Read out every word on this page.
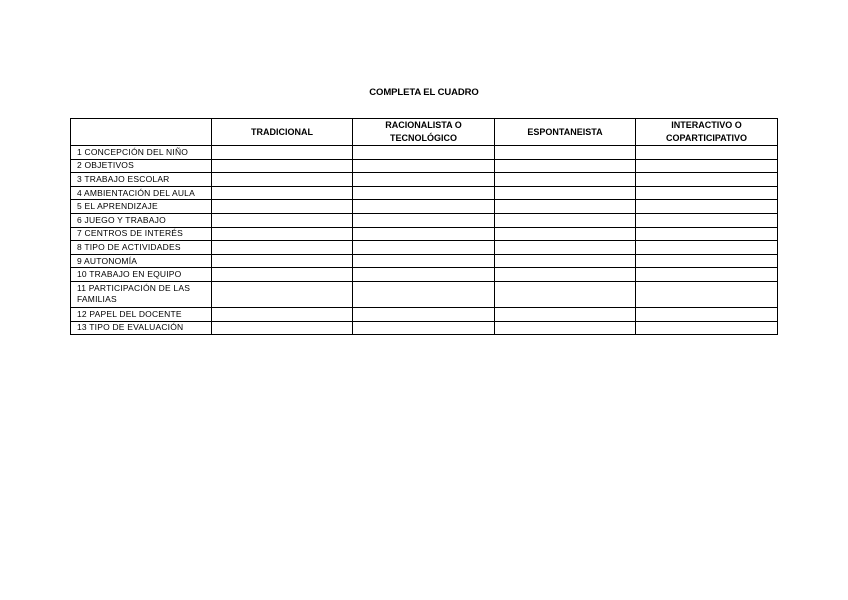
COMPLETA EL CUADRO
	TRADICIONAL	RACIONALISTA O TECNOLÓGICO	ESPONTANEISTA	INTERACTIVO O COPARTICIPATIVO
1 CONCEPCIÓN DEL NIÑO				
2 OBJETIVOS				
3 TRABAJO ESCOLAR				
4 AMBIENTACIÓN DEL AULA				
5 EL APRENDIZAJE				
6 JUEGO Y TRABAJO				
7 CENTROS DE INTERÉS				
8 TIPO DE ACTIVIDADES				
9 AUTONOMÍA				
10 TRABAJO EN EQUIPO				
11 PARTICIPACIÓN DE LAS FAMILIAS				
12 PAPEL DEL DOCENTE				
13 TIPO DE EVALUACIÓN				
